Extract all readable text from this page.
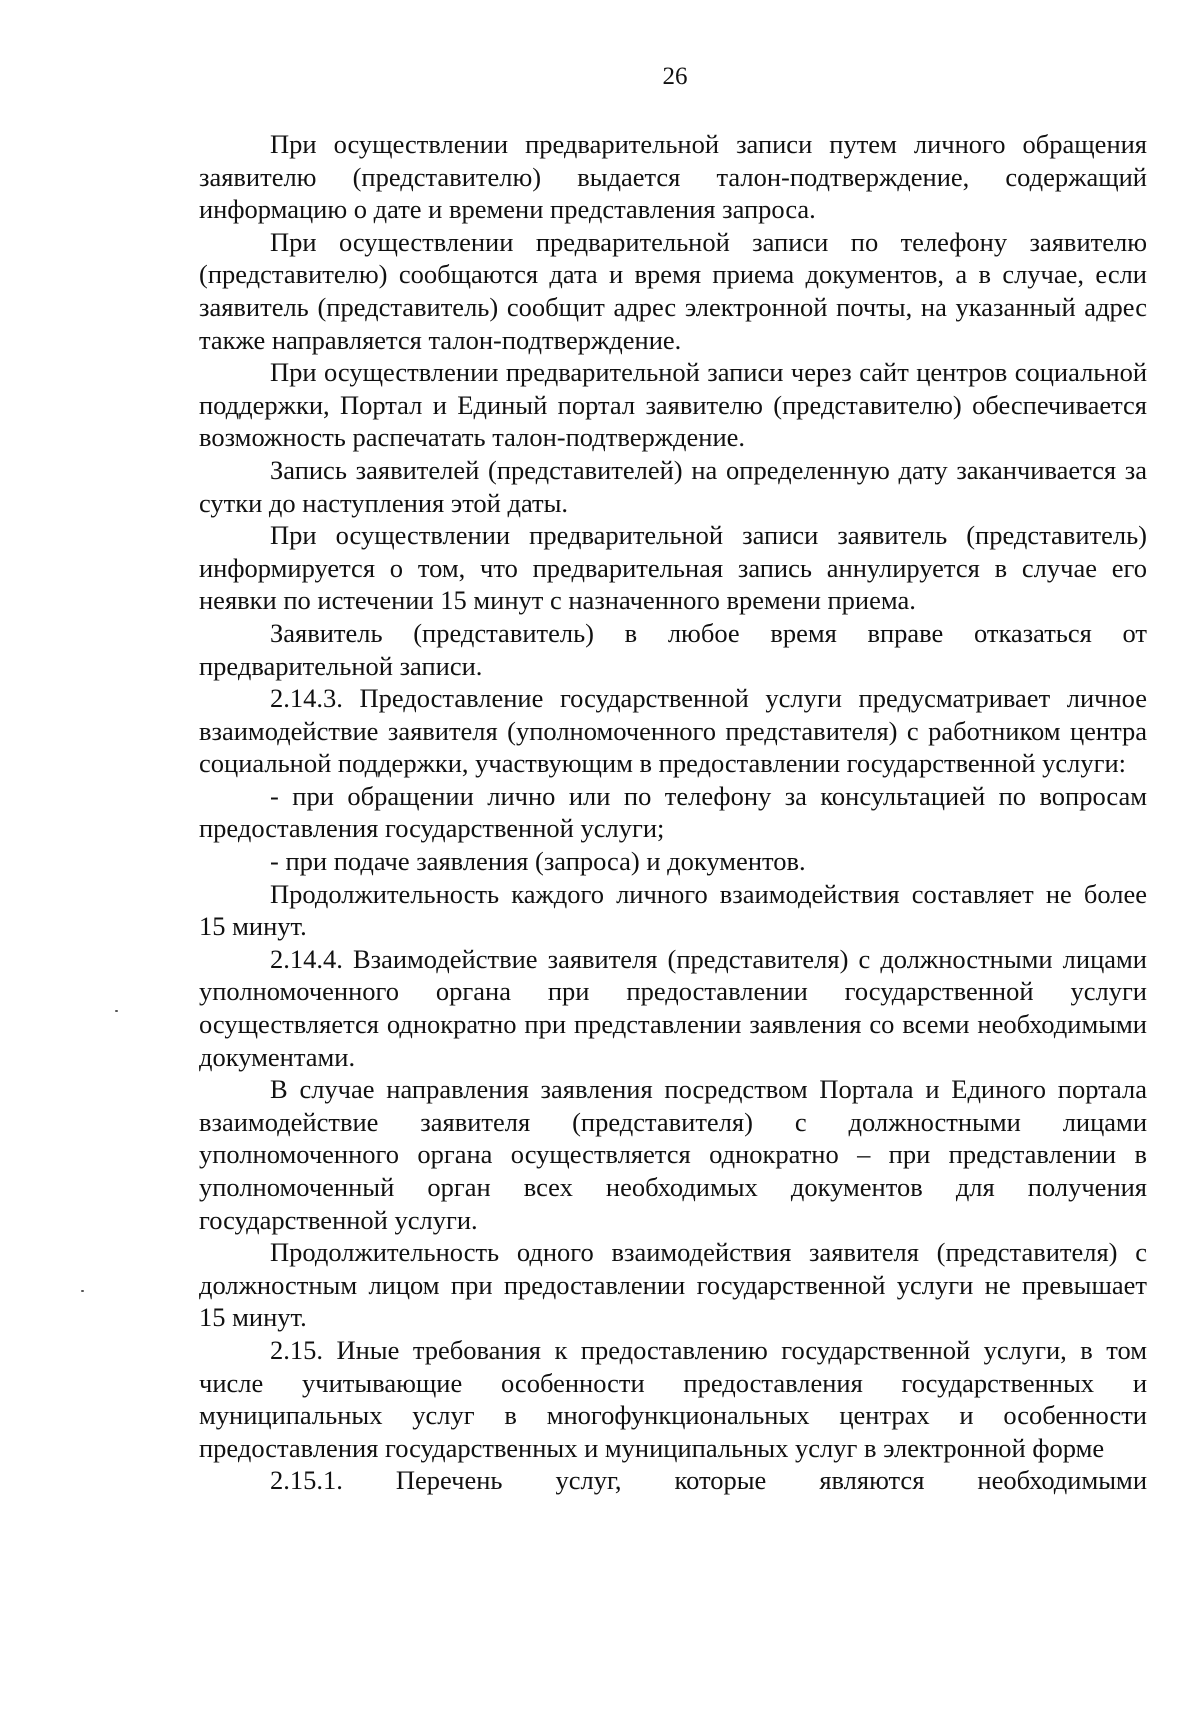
26

При осуществлении предварительной записи путем личного обращения заявителю (представителю) выдается талон-подтверждение, содержащий информацию о дате и времени представления запроса.

При осуществлении предварительной записи по телефону заявителю (представителю) сообщаются дата и время приема документов, а в случае, если заявитель (представитель) сообщит адрес электронной почты, на указанный адрес также направляется талон-подтверждение.

При осуществлении предварительной записи через сайт центров социальной поддержки, Портал и Единый портал заявителю (представителю) обеспечивается возможность распечатать талон-подтверждение.

Запись заявителей (представителей) на определенную дату заканчивается за сутки до наступления этой даты.

При осуществлении предварительной записи заявитель (представитель) информируется о том, что предварительная запись аннулируется в случае его неявки по истечении 15 минут с назначенного времени приема.

Заявитель (представитель) в любое время вправе отказаться от предварительной записи.

2.14.3. Предоставление государственной услуги предусматривает личное взаимодействие заявителя (уполномоченного представителя) с работником центра социальной поддержки, участвующим в предоставлении государственной услуги:

- при обращении лично или по телефону за консультацией по вопросам предоставления государственной услуги;

- при подаче заявления (запроса) и документов.

Продолжительность каждого личного взаимодействия составляет не более 15 минут.

2.14.4. Взаимодействие заявителя (представителя) с должностными лицами уполномоченного органа при предоставлении государственной услуги осуществляется однократно при представлении заявления со всеми необходимыми документами.

В случае направления заявления посредством Портала и Единого портала взаимодействие заявителя (представителя) с должностными лицами уполномоченного органа осуществляется однократно – при представлении в уполномоченный орган всех необходимых документов для получения государственной услуги.

Продолжительность одного взаимодействия заявителя (представителя) с должностным лицом при предоставлении государственной услуги не превышает 15 минут.

2.15. Иные требования к предоставлению государственной услуги, в том числе учитывающие особенности предоставления государственных и муниципальных услуг в многофункциональных центрах и особенности предоставления государственных и муниципальных услуг в электронной форме

2.15.1. Перечень услуг, которые являются необходимыми
